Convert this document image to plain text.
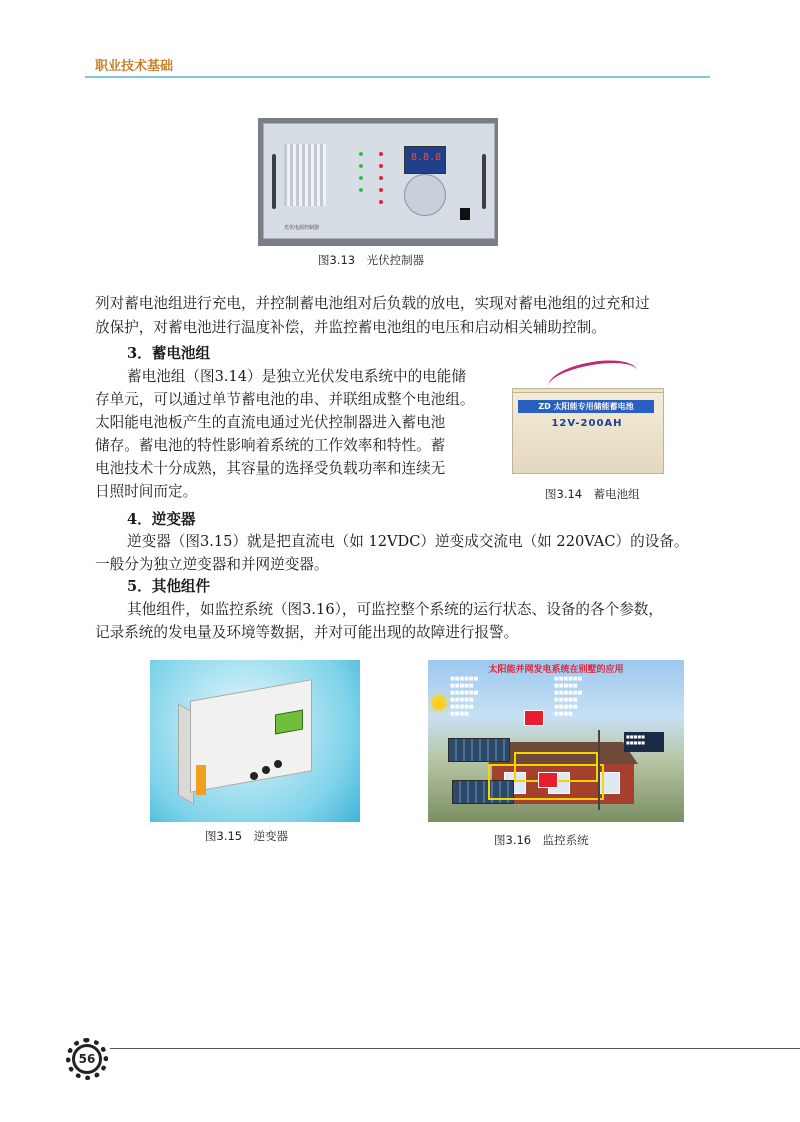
职业技术基础
8.8.8
光伏电源控制器
图3.13　光伏控制器
列对蓄电池组进行充电，并控制蓄电池组对后负载的放电，实现对蓄电池组的过充和过
放保护，对蓄电池进行温度补偿，并监控蓄电池组的电压和启动相关辅助控制。
3．蓄电池组
蓄电池组（图3.14）是独立光伏发电系统中的电能储
存单元，可以通过单节蓄电池的串、并联组成整个电池组。
太阳能电池板产生的直流电通过光伏控制器进入蓄电池
储存。蓄电池的特性影响着系统的工作效率和特性。蓄
电池技术十分成熟，其容量的选择受负载功率和连续无
日照时间而定。
ZD 太阳能专用储能蓄电池
12V-200AH
图3.14　蓄电池组
4．逆变器
逆变器（图3.15）就是把直流电（如 12VDC）逆变成交流电（如 220VAC）的设备。
一般分为独立逆变器和并网逆变器。
5．其他组件
其他组件，如监控系统（图3.16），可监控整个系统的运行状态、设备的各个参数，
记录系统的发电量及环境等数据，并对可能出现的故障进行报警。
图3.15　逆变器
太阳能并网发电系统在别墅的应用
■■■■■■
■■■■■
■■■■■■
■■■■■
■■■■■
■■■■
■■■■■■
■■■■■
■■■■■■
■■■■■
■■■■■
■■■■
■■■■■
■■■■■
图3.16　监控系统
56
